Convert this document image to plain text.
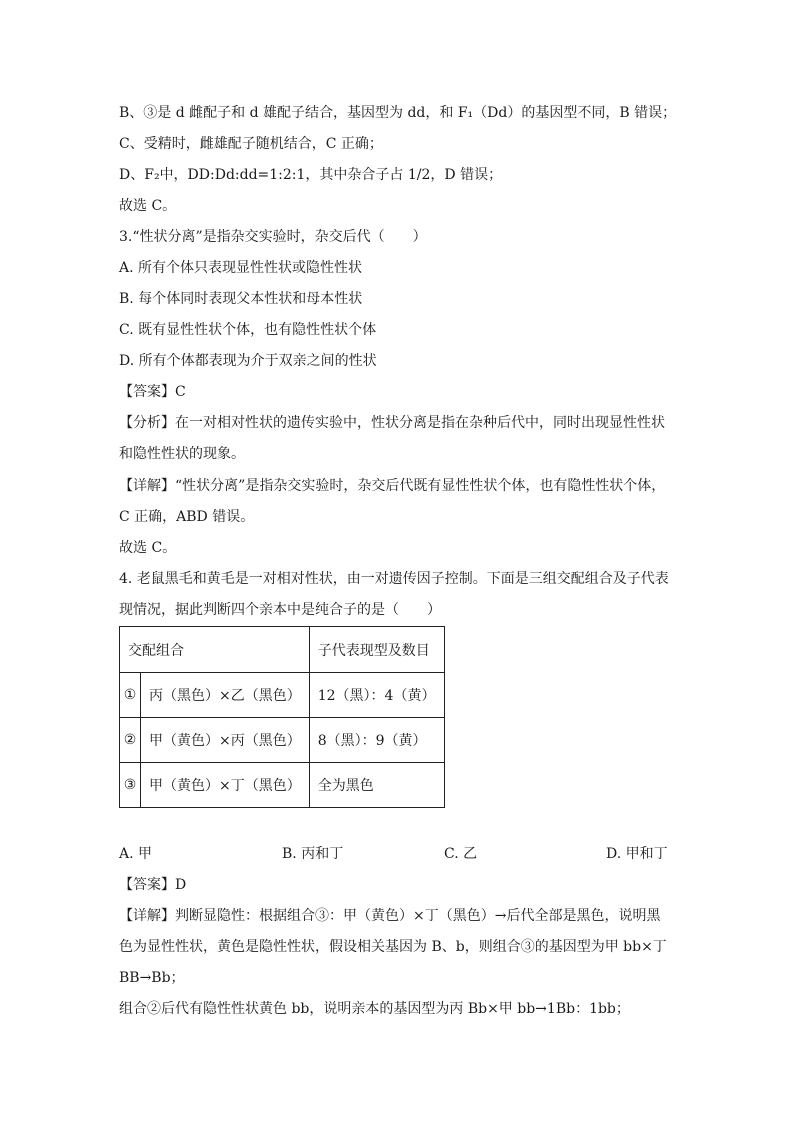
B、③是 d 雌配子和 d 雄配子结合，基因型为 dd，和 F₁（Dd）的基因型不同，B 错误；
C、受精时，雌雄配子随机结合，C 正确；
D、F₂中，DD:Dd:dd=1:2:1，其中杂合子占 1/2，D 错误；
故选 C。
3.“性状分离”是指杂交实验时，杂交后代（　　）
A. 所有个体只表现显性性状或隐性性状
B. 每个体同时表现父本性状和母本性状
C. 既有显性性状个体，也有隐性性状个体
D. 所有个体都表现为介于双亲之间的性状
【答案】C
【分析】在一对相对性状的遗传实验中，性状分离是指在杂种后代中，同时出现显性性状
和隐性性状的现象。
【详解】“性状分离”是指杂交实验时，杂交后代既有显性性状个体，也有隐性性状个体，
C 正确，ABD 错误。
故选 C。
4. 老鼠黑毛和黄毛是一对相对性状，由一对遗传因子控制。下面是三组交配组合及子代表
现情况，据此判断四个亲本中是纯合子的是（　　）
交配组合		子代表现型及数目
①	丙（黑色）×乙（黑色）	12（黑）：4（黄）
②	甲（黄色）×丙（黑色）	8（黑）：9（黄）
③	甲（黄色）×丁（黑色）	全为黑色
A. 甲	B. 丙和丁	C. 乙	D. 甲和丁
【答案】D
【详解】判断显隐性：根据组合③：甲（黄色）×丁（黑色）→后代全部是黑色，说明黑
色为显性性状，黄色是隐性性状，假设相关基因为 B、b，则组合③的基因型为甲 bb×丁
BB→Bb；
组合②后代有隐性性状黄色 bb，说明亲本的基因型为丙 Bb×甲 bb→1Bb：1bb；
